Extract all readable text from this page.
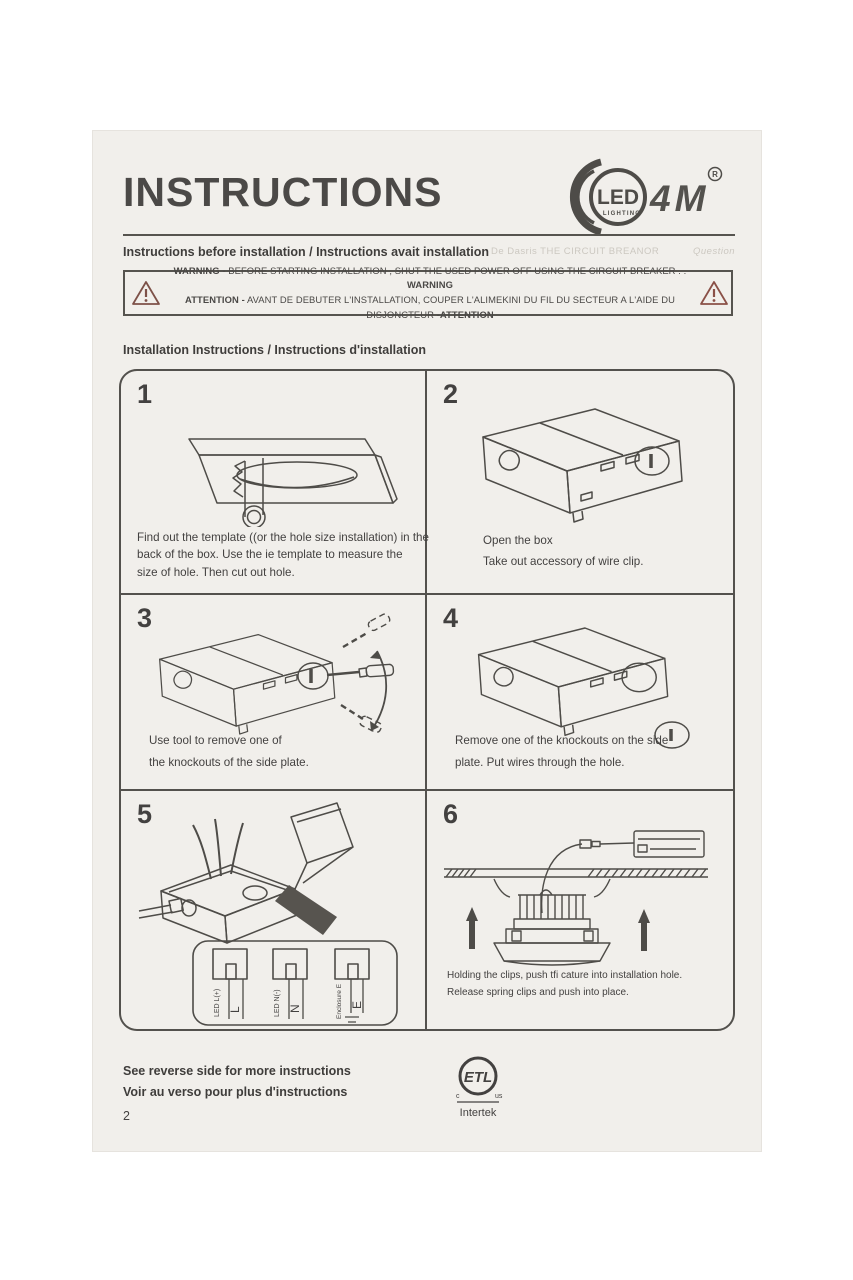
INSTRUCTIONS	LED
LIGHTING 4M
R
De Dasris THE CIRCUIT BREANOR	Question
Instructions before installation / Instructions avait installation
WARNING - BEFORE STARTING INSTALLATION , SHUT THE USED POWER OFF USING THE CIRCUIT BREAKER . . WARNING
ATTENTION - AVANT DE DEBUTER L'INSTALLATION, COUPER L'ALIMEKINI DU FIL DU SECTEUR A L'AIDE DU DISJONCTEUR -ATTENTION
Installation Instructions / Instructions d'installation
1
Find out the template ((or the hole size installation) in the
back of the box. Use the ie template to measure the
size of hole. Then cut out hole.
2
Open the box
Take out accessory of wire clip.
3
Use tool to remove one of
the knockouts of the side plate.
4
Remove one of the knockouts on the side
plate. Put wires through the hole.
5
LED L(+) L	LED N(-) N	Enclosure E E
6
Holding the clips, push tfi cature into installation hole.
Release spring clips and push into place.
See reverse side for more instructions
Voir au verso pour plus d'instructions
2
ETL
c	us
Intertek
